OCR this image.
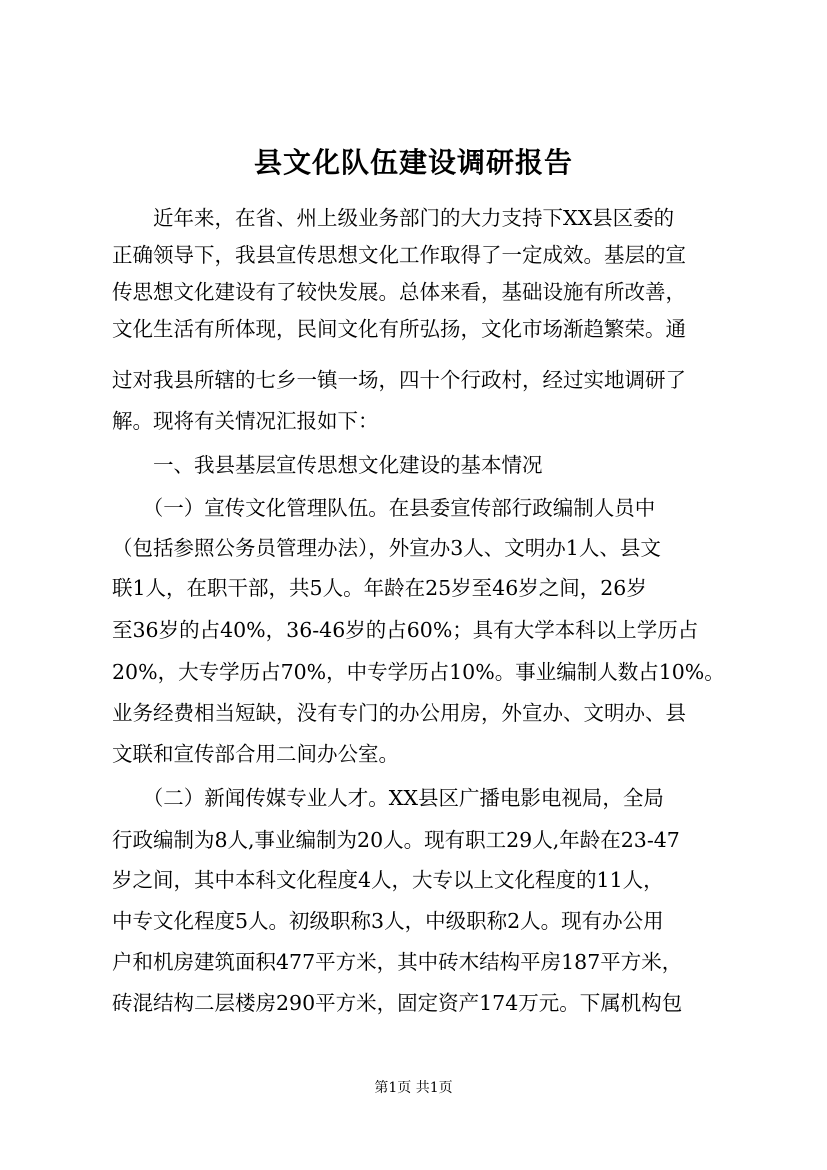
县文化队伍建设调研报告
　　近年来，在省、州上级业务部门的大力支持下XX县区委的
正确领导下，我县宣传思想文化工作取得了一定成效。基层的宣
传思想文化建设有了较快发展。总体来看，基础设施有所改善，
文化生活有所体现，民间文化有所弘扬，文化市场渐趋繁荣。通
过对我县所辖的七乡一镇一场，四十个行政村，经过实地调研了
解。现将有关情况汇报如下：
　　一、我县基层宣传思想文化建设的基本情况
　　（一）宣传文化管理队伍。在县委宣传部行政编制人员中
（包括参照公务员管理办法），外宣办3人、文明办1人、县文
联1人，在职干部，共5人。年龄在25岁至46岁之间，26岁
至36岁的占40%，36-46岁的占60%；具有大学本科以上学历占
20%，大专学历占70%，中专学历占10%。事业编制人数占10%。
业务经费相当短缺，没有专门的办公用房，外宣办、文明办、县
文联和宣传部合用二间办公室。
　　（二）新闻传媒专业人才。XX县区广播电影电视局，全局
行政编制为8人,事业编制为20人。现有职工29人,年龄在23-47
岁之间，其中本科文化程度4人，大专以上文化程度的11人，
中专文化程度5人。初级职称3人，中级职称2人。现有办公用
户和机房建筑面积477平方米，其中砖木结构平房187平方米，
砖混结构二层楼房290平方米，固定资产174万元。下属机构包
第1页 共1页
